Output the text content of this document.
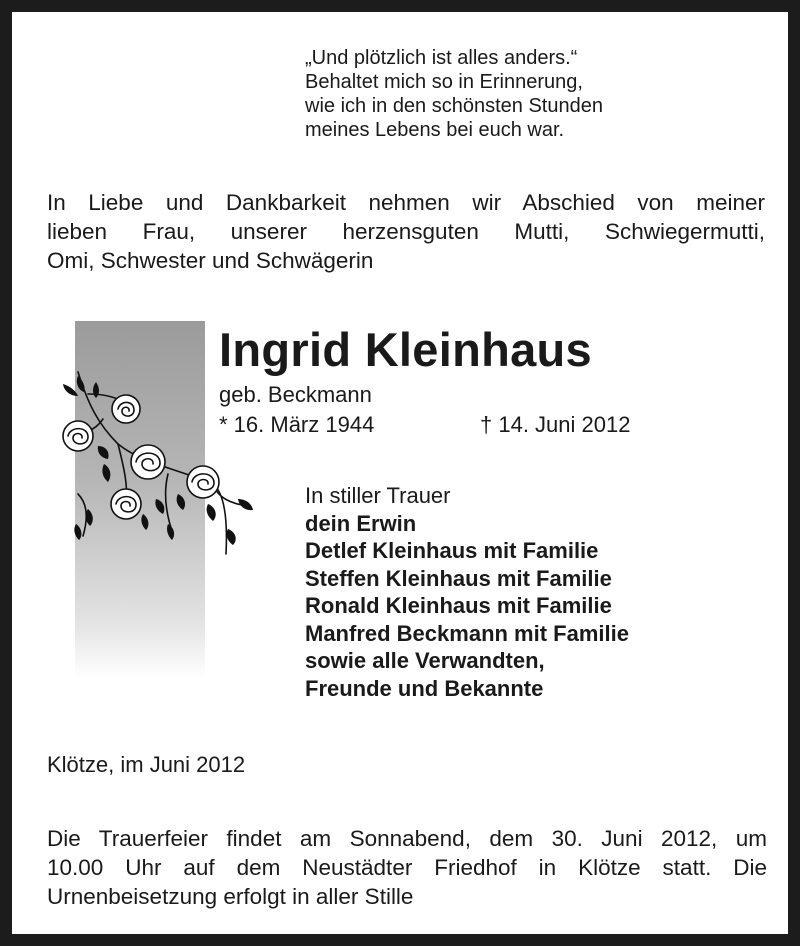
„Und plötzlich ist alles anders.“
Behaltet mich so in Erinnerung,
wie ich in den schönsten Stunden
meines Lebens bei euch war.
In Liebe und Dankbarkeit nehmen wir Abschied von meiner
lieben Frau, unserer herzensguten Mutti, Schwiegermutti,
Omi, Schwester und Schwägerin
Ingrid Kleinhaus
geb. Beckmann
* 16. März 1944	† 14. Juni 2012
In stiller Trauer
dein Erwin
Detlef Kleinhaus mit Familie
Steffen Kleinhaus mit Familie
Ronald Kleinhaus mit Familie
Manfred Beckmann mit Familie
sowie alle Verwandten,
Freunde und Bekannte
Klötze, im Juni 2012
Die Trauerfeier findet am Sonnabend, dem 30. Juni 2012, um
10.00 Uhr auf dem Neustädter Friedhof in Klötze statt. Die
Urnenbeisetzung erfolgt in aller Stille
